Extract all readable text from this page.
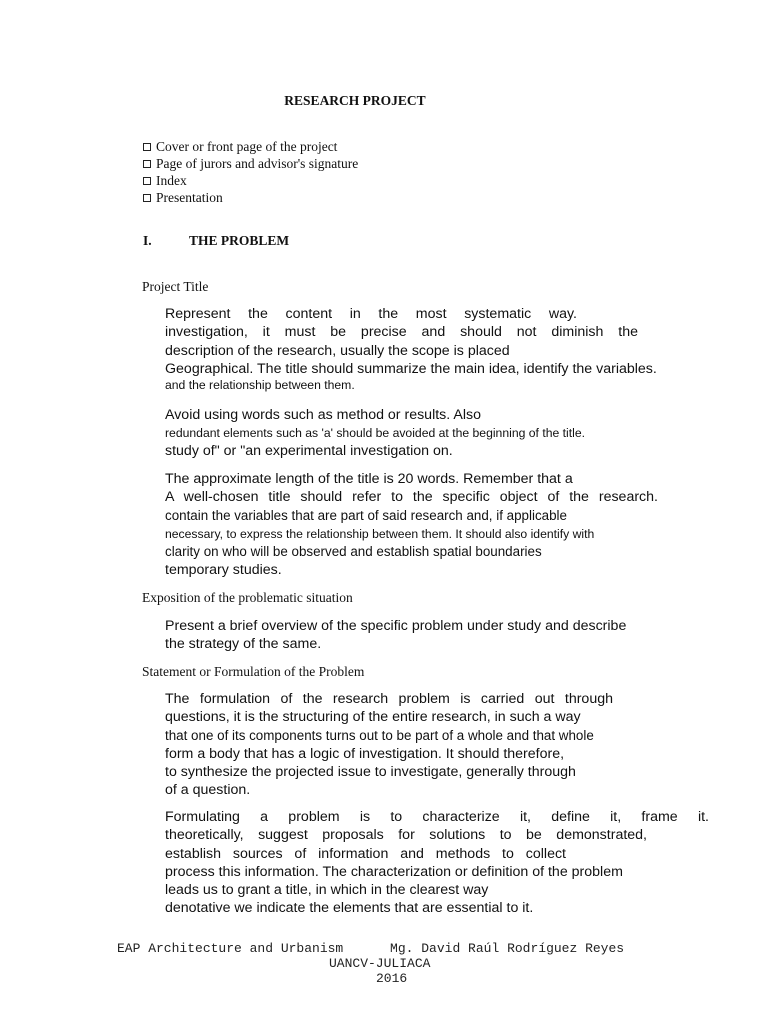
RESEARCH PROJECT
Cover or front page of the project
Page of jurors and advisor's signature
Index
Presentation
I.	THE PROBLEM
Project Title
Represent the content in the most systematic way.
investigation, it must be precise and should not diminish the
description of the research, usually the scope is placed
Geographical. The title should summarize the main idea, identify the variables.
and the relationship between them.
Avoid using words such as method or results. Also
redundant elements such as 'a' should be avoided at the beginning of the title.
study of" or "an experimental investigation on.
The approximate length of the title is 20 words. Remember that a
A well-chosen title should refer to the specific object of the research.
contain the variables that are part of said research and, if applicable
necessary, to express the relationship between them. It should also identify with
clarity on who will be observed and establish spatial boundaries
temporary studies.
Exposition of the problematic situation
Present a brief overview of the specific problem under study and describe
the strategy of the same.
Statement or Formulation of the Problem
The formulation of the research problem is carried out through
questions, it is the structuring of the entire research, in such a way
that one of its components turns out to be part of a whole and that whole
form a body that has a logic of investigation. It should therefore,
to synthesize the projected issue to investigate, generally through
of a question.
Formulating a problem is to characterize it, define it, frame it.
theoretically, suggest proposals for solutions to be demonstrated,
establish sources of information and methods to collect
process this information. The characterization or definition of the problem
leads us to grant a title, in which in the clearest way
denotative we indicate the elements that are essential to it.
EAP Architecture and Urbanism      Mg. David Raúl Rodríguez Reyes
UANCV-JULIACA
2016
